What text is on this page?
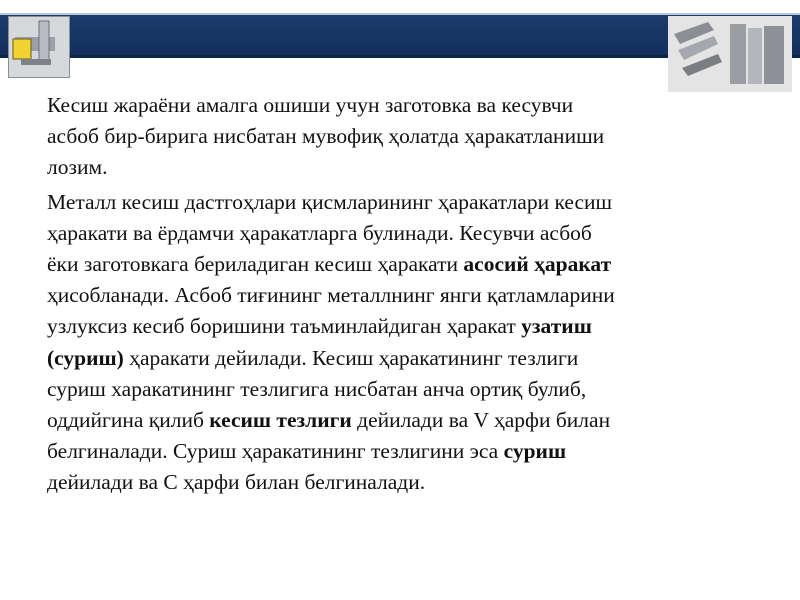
Кесиш жараёни амалга ошиши учун заготовка ва кесувчи
асбоб бир-бирига нисбатан мувофиқ ҳолатда ҳаракатланиши
лозим.
Металл кесиш дастгоҳлари қисмларининг ҳаракатлари кесиш
ҳаракати ва ёрдамчи ҳаракатларга булинади. Кесувчи асбоб
ёки заготовкага бериладиган кесиш ҳаракати асосий ҳаракат
ҳисобланади. Асбоб тиғининг металлнинг янги қатламларини
узлуксиз кесиб боришини таъминлайдиган ҳаракат узатиш
(суриш) ҳаракати дейилади. Кесиш ҳаракатининг тезлиги
суриш харакатининг тезлигига нисбатан анча ортиқ булиб,
оддийгина қилиб кесиш тезлиги дейилади ва V ҳарфи билан
белгиналади. Суриш ҳаракатининг тезлигини эса суриш
дейилади ва С ҳарфи билан белгиналади.
